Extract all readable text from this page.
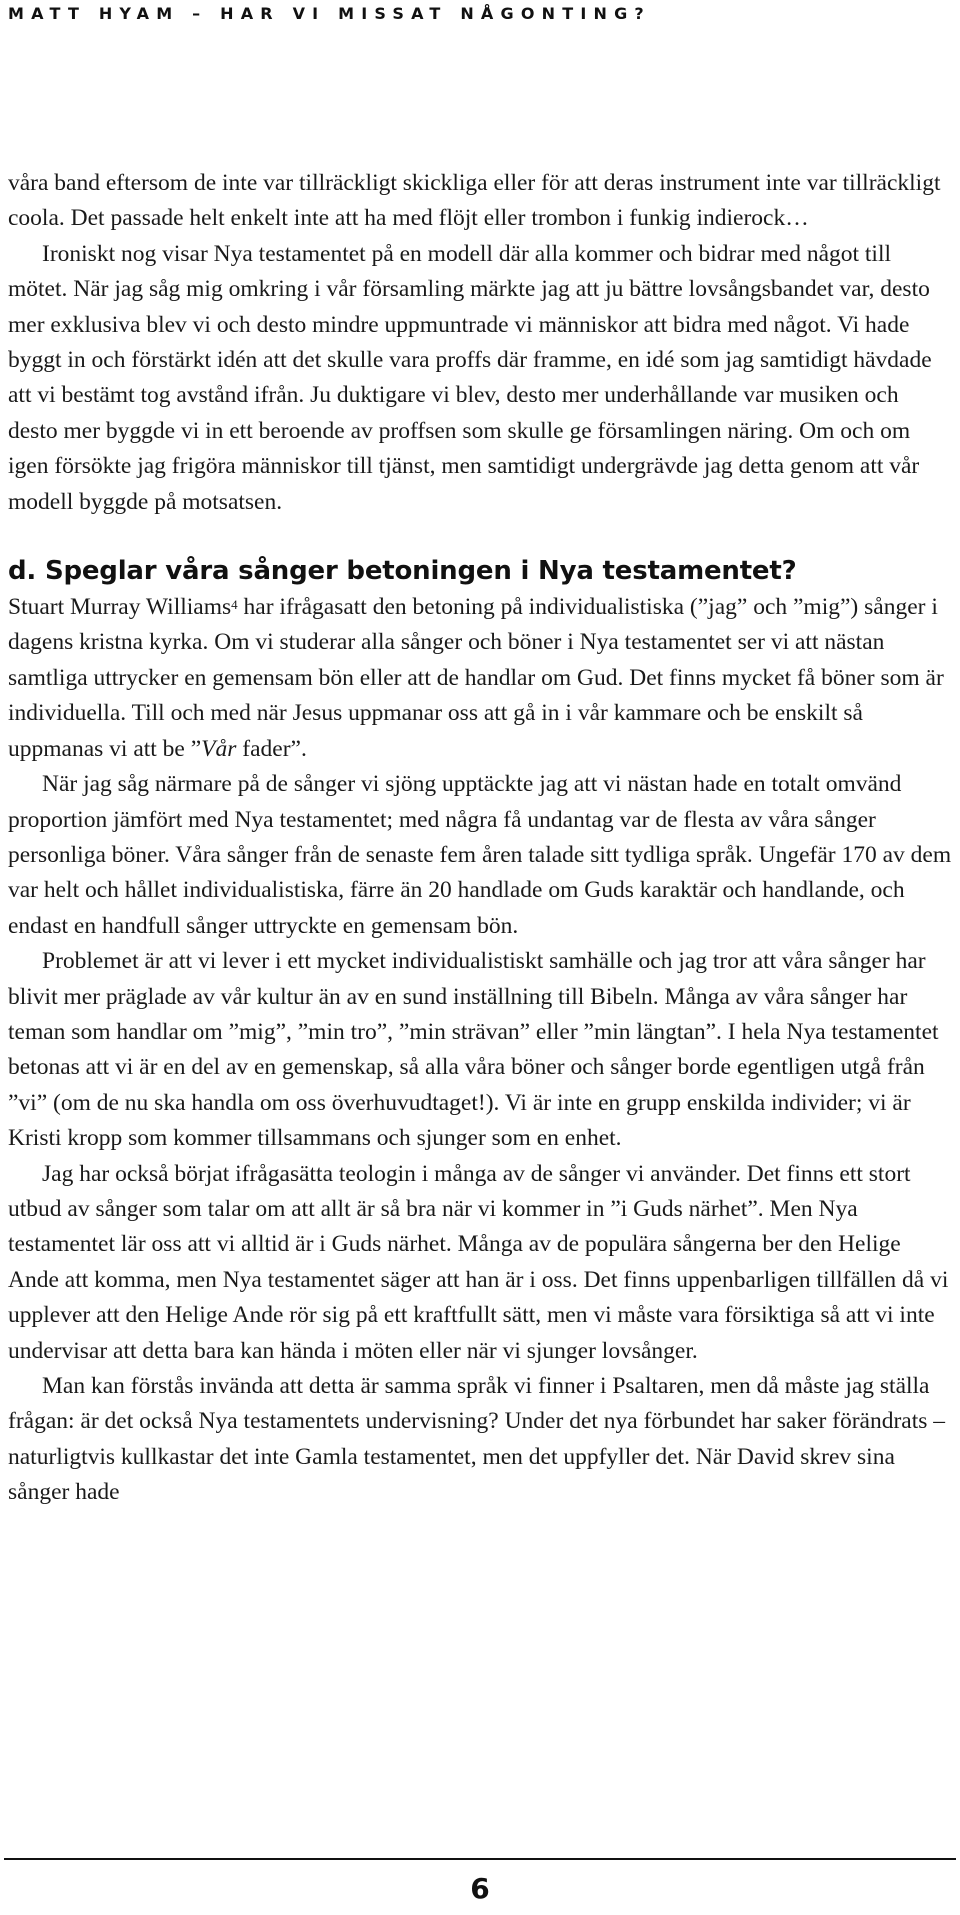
MATT HYAM – HAR VI MISSAT NÅGONTING?

våra band eftersom de inte var tillräckligt skickliga eller för att deras instrument inte var tillräckligt coola. Det passade helt enkelt inte att ha med flöjt eller trombon i funkig indierock…

Ironiskt nog visar Nya testamentet på en modell där alla kommer och bidrar med något till mötet. När jag såg mig omkring i vår församling märkte jag att ju bättre lovsångsbandet var, desto mer exklusiva blev vi och desto mindre uppmuntrade vi människor att bidra med något. Vi hade byggt in och förstärkt idén att det skulle vara proffs där framme, en idé som jag samtidigt hävdade att vi bestämt tog avstånd ifrån. Ju duktigare vi blev, desto mer underhållande var musiken och desto mer byggde vi in ett beroende av proffsen som skulle ge församlingen näring. Om och om igen försökte jag frigöra människor till tjänst, men samtidigt undergrävde jag detta genom att vår modell byggde på motsatsen.

d. Speglar våra sånger betoningen i Nya testamentet?

Stuart Murray Williams$^4$ har ifrågasatt den betoning på individualistiska (”jag” och ”mig”) sånger i dagens kristna kyrka. Om vi studerar alla sånger och böner i Nya testamentet ser vi att nästan samtliga uttrycker en gemensam bön eller att de handlar om Gud. Det finns mycket få böner som är individuella. Till och med när Jesus uppmanar oss att gå in i vår kammare och be enskilt så uppmanas vi att be ”Vår fader”.

När jag såg närmare på de sånger vi sjöng upptäckte jag att vi nästan hade en totalt omvänd proportion jämfört med Nya testamentet; med några få undantag var de flesta av våra sånger personliga böner. Våra sånger från de senaste fem åren talade sitt tydliga språk. Ungefär 170 av dem var helt och hållet individualistiska, färre än 20 handlade om Guds karaktär och handlande, och endast en handfull sånger uttryckte en gemensam bön.

Problemet är att vi lever i ett mycket individualistiskt samhälle och jag tror att våra sånger har blivit mer präglade av vår kultur än av en sund inställning till Bibeln. Många av våra sånger har teman som handlar om ”mig”, ”min tro”, ”min strävan” eller ”min längtan”. I hela Nya testamentet betonas att vi är en del av en gemenskap, så alla våra böner och sånger borde egentligen utgå från ”vi” (om de nu ska handla om oss överhuvudtaget!). Vi är inte en grupp enskilda individer; vi är Kristi kropp som kommer tillsammans och sjunger som en enhet.

Jag har också börjat ifrågasätta teologin i många av de sånger vi använder. Det finns ett stort utbud av sånger som talar om att allt är så bra när vi kommer in ”i Guds närhet”. Men Nya testamentet lär oss att vi alltid är i Guds närhet. Många av de populära sångerna ber den Helige Ande att komma, men Nya testamentet säger att han är i oss. Det finns uppenbarligen tillfällen då vi upplever att den Helige Ande rör sig på ett kraftfullt sätt, men vi måste vara försiktiga så att vi inte undervisar att detta bara kan hända i möten eller när vi sjunger lovsånger.

Man kan förstås invända att detta är samma språk vi finner i Psaltaren, men då måste jag ställa frågan: är det också Nya testamentets undervisning? Under det nya förbundet har saker förändrats – naturligtvis kullkastar det inte Gamla testamentet, men det uppfyller det. När David skrev sina sånger hade

6
